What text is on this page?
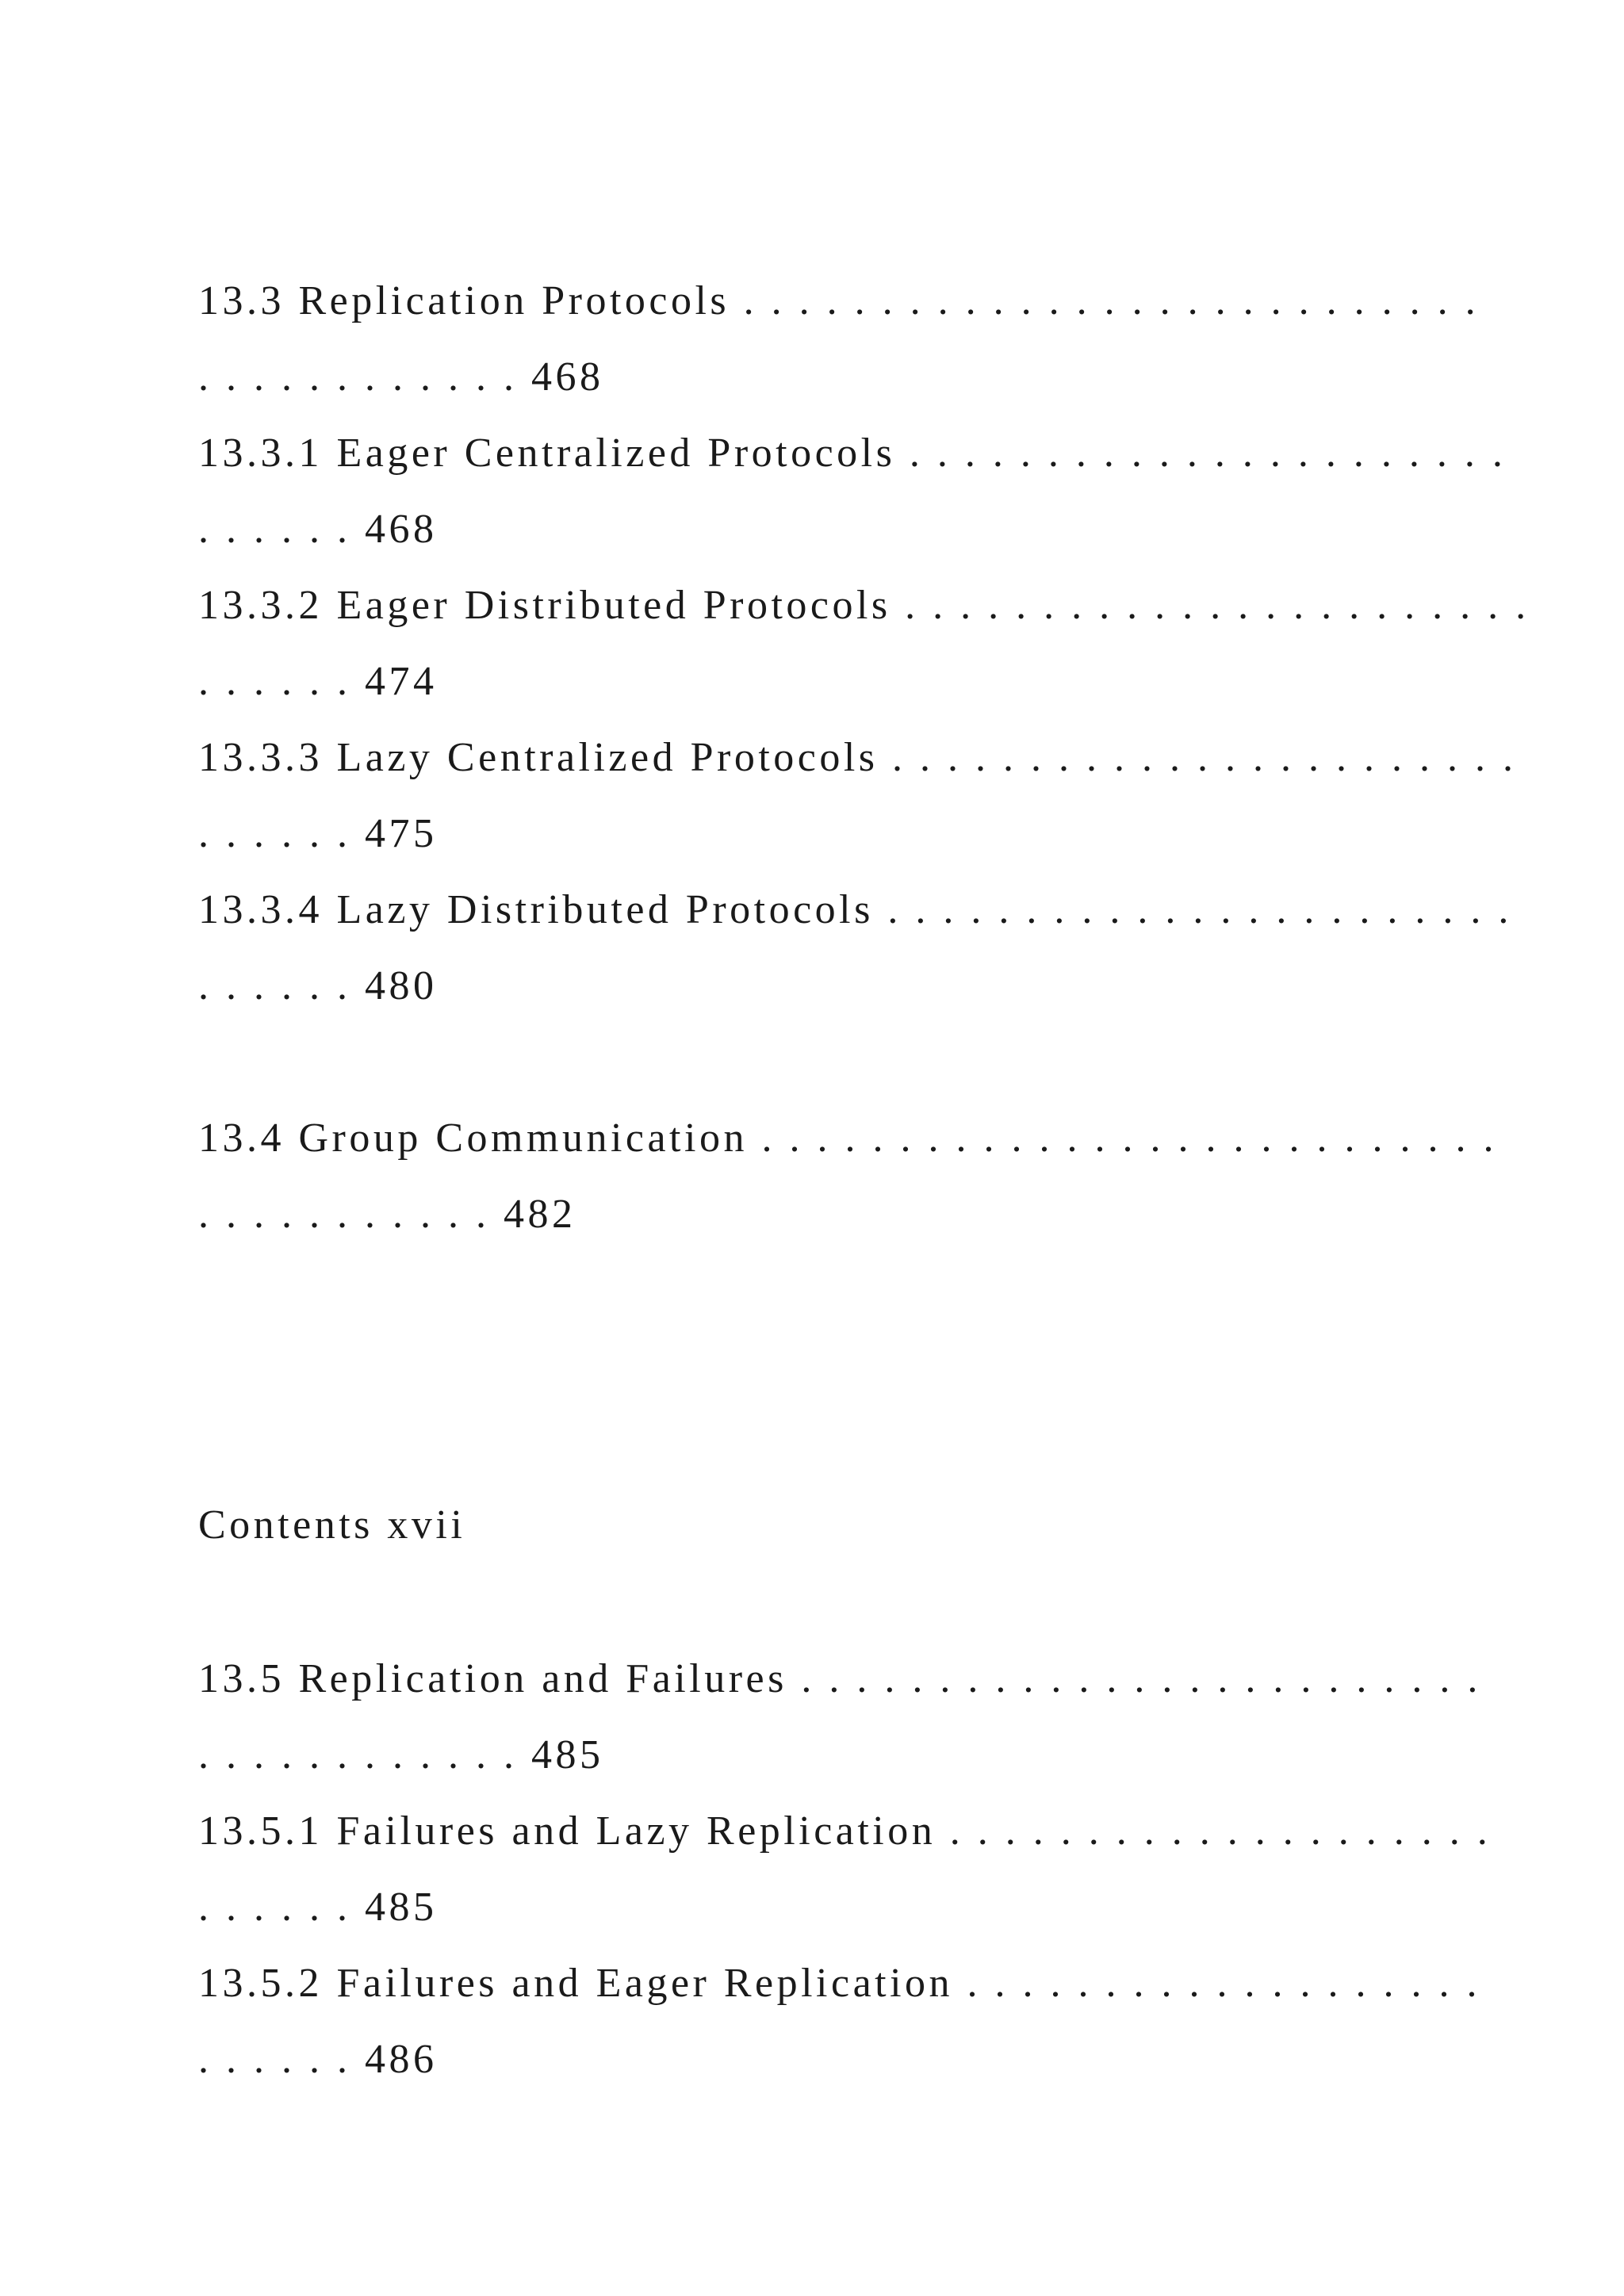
13.3 Replication Protocols . . . . . . . . . . . . . . . . . . . . . . . . . . .
. . . . . . . . . . . . 468
13.3.1 Eager Centralized Protocols . . . . . . . . . . . . . . . . . . . . . .
. . . . . . 468
13.3.2 Eager Distributed Protocols . . . . . . . . . . . . . . . . . . . . . . .
. . . . . . 474
13.3.3 Lazy Centralized Protocols . . . . . . . . . . . . . . . . . . . . . . .
. . . . . . 475
13.3.4 Lazy Distributed Protocols . . . . . . . . . . . . . . . . . . . . . . .
. . . . . . 480
13.4 Group Communication . . . . . . . . . . . . . . . . . . . . . . . . . . .
. . . . . . . . . . . 482
Contents xvii
13.5 Replication and Failures . . . . . . . . . . . . . . . . . . . . . . . . .
. . . . . . . . . . . . 485
13.5.1 Failures and Lazy Replication . . . . . . . . . . . . . . . . . . . .
. . . . . . 485
13.5.2 Failures and Eager Replication . . . . . . . . . . . . . . . . . . .
. . . . . . 486
